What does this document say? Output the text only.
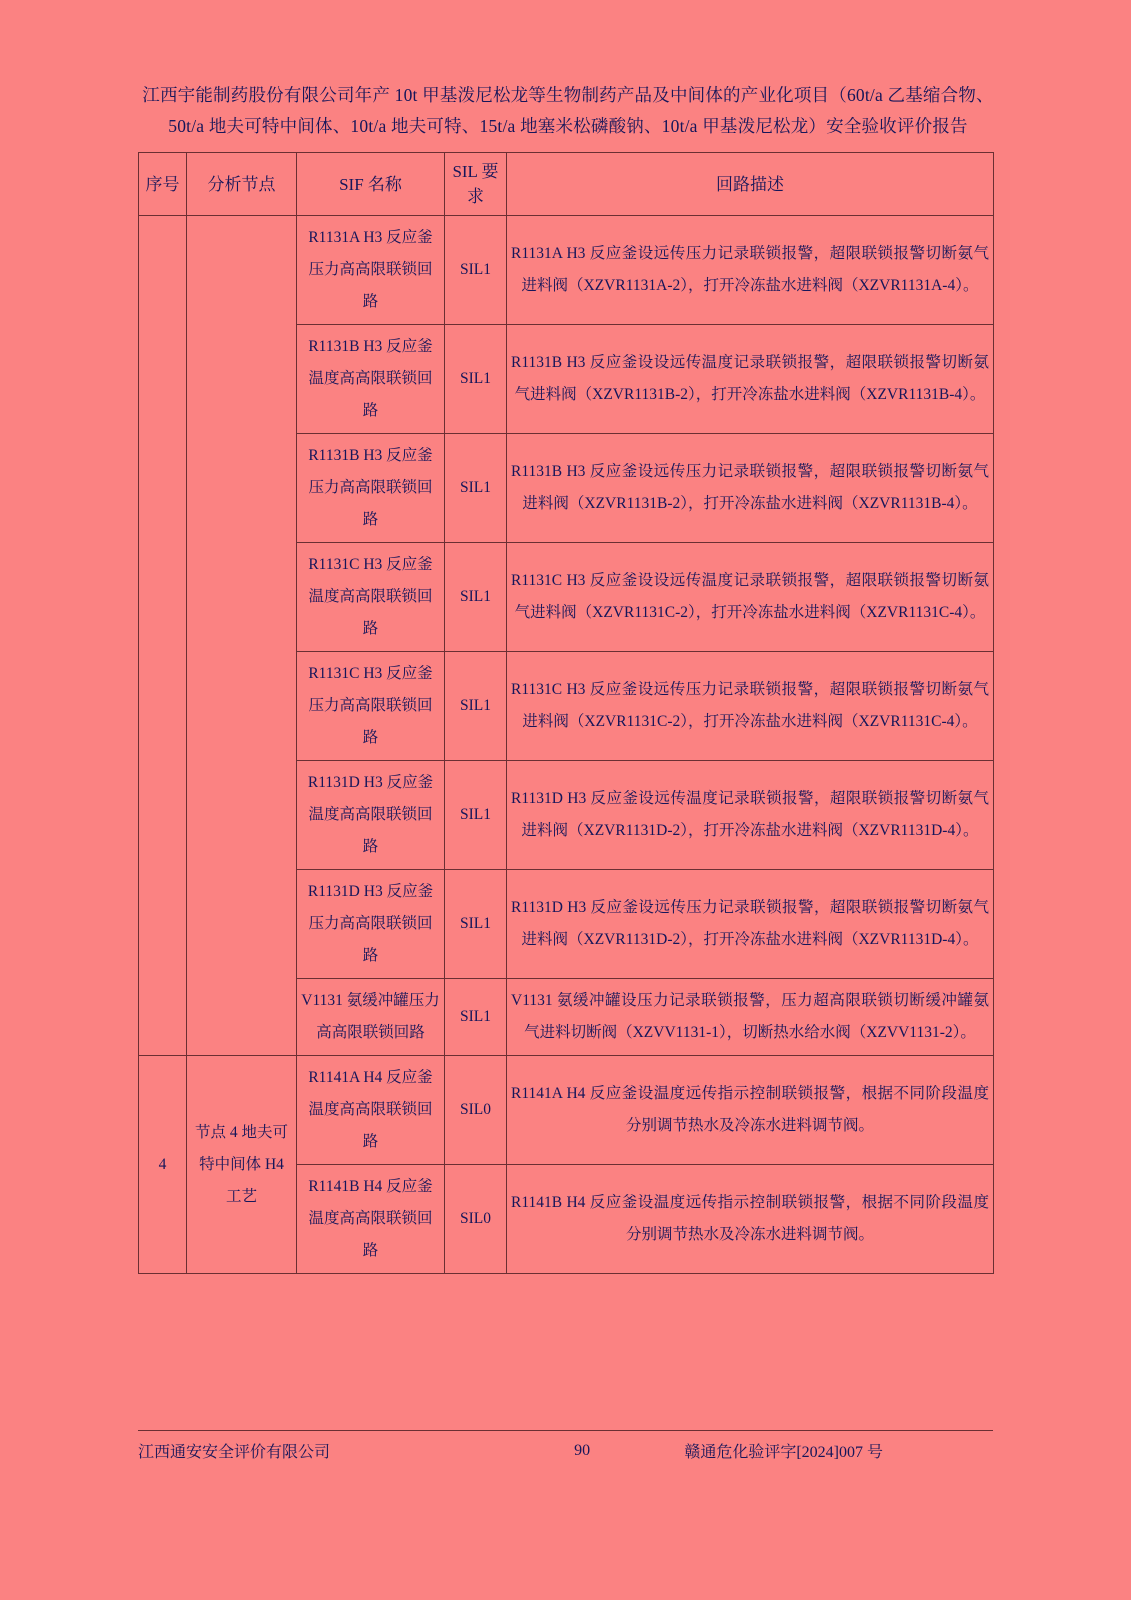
江西宇能制药股份有限公司年产 10t 甲基泼尼松龙等生物制药产品及中间体的产业化项目（60t/a 乙基缩合物、50t/a 地夫可特中间体、10t/a 地夫可特、15t/a 地塞米松磷酸钠、10t/a 甲基泼尼松龙）安全验收评价报告
序号	分析节点	SIF 名称	SIL 要求	回路描述
		R1131A H3 反应釜压力高高限联锁回路	SIL1	R1131A H3 反应釜设远传压力记录联锁报警，超限联锁报警切断氨气进料阀（XZVR1131A-2），打开冷冻盐水进料阀（XZVR1131A-4）。
		R1131B H3 反应釜温度高高限联锁回路	SIL1	R1131B H3 反应釜设设远传温度记录联锁报警，超限联锁报警切断氨气进料阀（XZVR1131B-2），打开冷冻盐水进料阀（XZVR1131B-4）。
		R1131B H3 反应釜压力高高限联锁回路	SIL1	R1131B H3 反应釜设远传压力记录联锁报警，超限联锁报警切断氨气进料阀（XZVR1131B-2），打开冷冻盐水进料阀（XZVR1131B-4）。
		R1131C H3 反应釜温度高高限联锁回路	SIL1	R1131C H3 反应釜设设远传温度记录联锁报警，超限联锁报警切断氨气进料阀（XZVR1131C-2），打开冷冻盐水进料阀（XZVR1131C-4）。
		R1131C H3 反应釜压力高高限联锁回路	SIL1	R1131C H3 反应釜设远传压力记录联锁报警，超限联锁报警切断氨气进料阀（XZVR1131C-2），打开冷冻盐水进料阀（XZVR1131C-4）。
		R1131D H3 反应釜温度高高限联锁回路	SIL1	R1131D H3 反应釜设远传温度记录联锁报警，超限联锁报警切断氨气进料阀（XZVR1131D-2），打开冷冻盐水进料阀（XZVR1131D-4）。
		R1131D H3 反应釜压力高高限联锁回路	SIL1	R1131D H3 反应釜设远传压力记录联锁报警，超限联锁报警切断氨气进料阀（XZVR1131D-2），打开冷冻盐水进料阀（XZVR1131D-4）。
		V1131 氨缓冲罐压力高高限联锁回路	SIL1	V1131 氨缓冲罐设压力记录联锁报警，压力超高限联锁切断缓冲罐氨气进料切断阀（XZVV1131-1），切断热水给水阀（XZVV1131-2）。
4	节点 4 地夫可特中间体 H4 工艺	R1141A H4 反应釜温度高高限联锁回路	SIL0	R1141A H4 反应釜设温度远传指示控制联锁报警，根据不同阶段温度分别调节热水及冷冻水进料调节阀。
		R1141B H4 反应釜温度高高限联锁回路	SIL0	R1141B H4 反应釜设温度远传指示控制联锁报警，根据不同阶段温度分别调节热水及冷冻水进料调节阀。
江西通安安全评价有限公司	90	赣通危化验评字[2024]007 号
